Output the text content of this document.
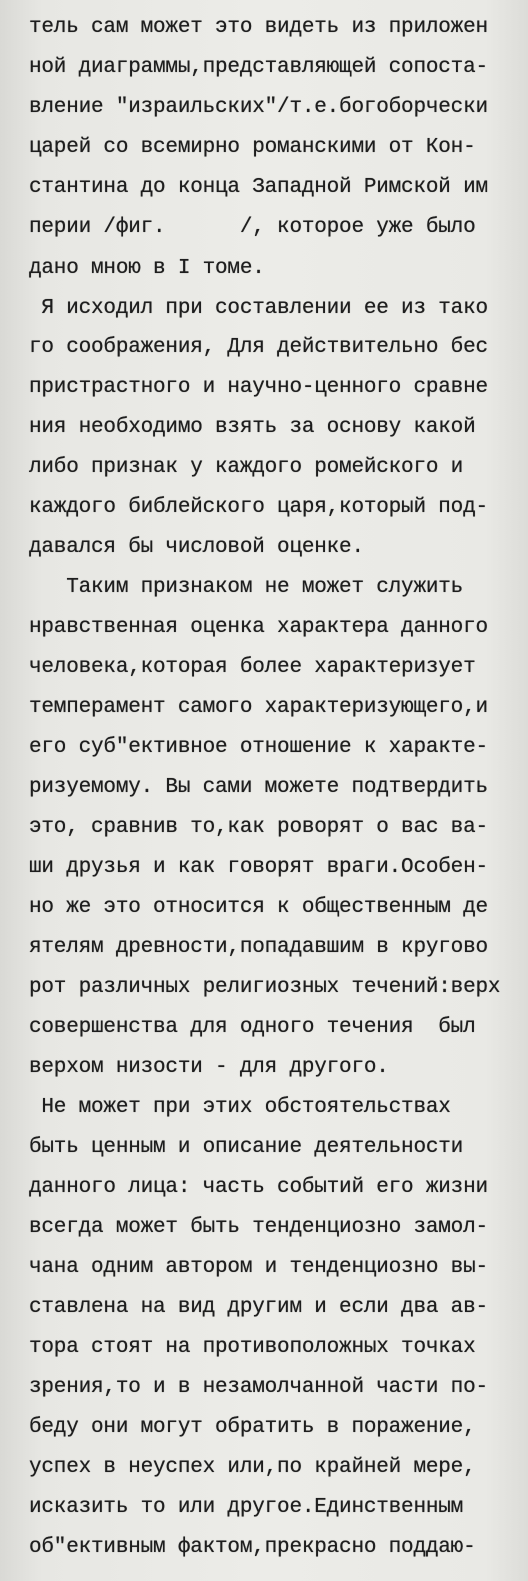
тель сам может это видеть из приложен
ной диаграммы,представляющей сопоста-
вление "израильских"/т.е.богоборчески
царей со всемирно романскими от Кон-
стантина до конца Западной Римской им
перии /фиг.      /, которое уже было
дано мною в I томе.
Я исходил при составлении ее из тако
го соображения, Для действительно бес
пристрастного и научно-ценного сравне
ния необходимо взять за основу какой
либо признак у каждого ромейского и
каждого библейского царя,который под-
давался бы числовой оценке.
Таким признаком не может служить
нравственная оценка характера данного
человека,которая более характеризует
темперамент самого характеризующего,и
его суб"ективное отношение к характе-
ризуемому. Вы сами можете подтвердить
это, сравнив то,как роворят о вас ва-
ши друзья и как говорят враги.Особен-
но же это относится к общественным де
ятелям древности,попадавшим в кругово
рот различных религиозных течений:верх
совершенства для одного течения  был
верхом низости - для другого.
Не может при этих обстоятельствах
быть ценным и описание деятельности
данного лица: часть событий его жизни
всегда может быть тенденциозно замол-
чана одним автором и тенденциозно вы-
ставлена на вид другим и если два ав-
тора стоят на противоположных точках
зрения,то и в незамолчанной части по-
беду они могут обратить в поражение,
успех в неуспех или,по крайней мере,
исказить то или другое.Единственным
об"ективным фактом,прекрасно поддаю-
